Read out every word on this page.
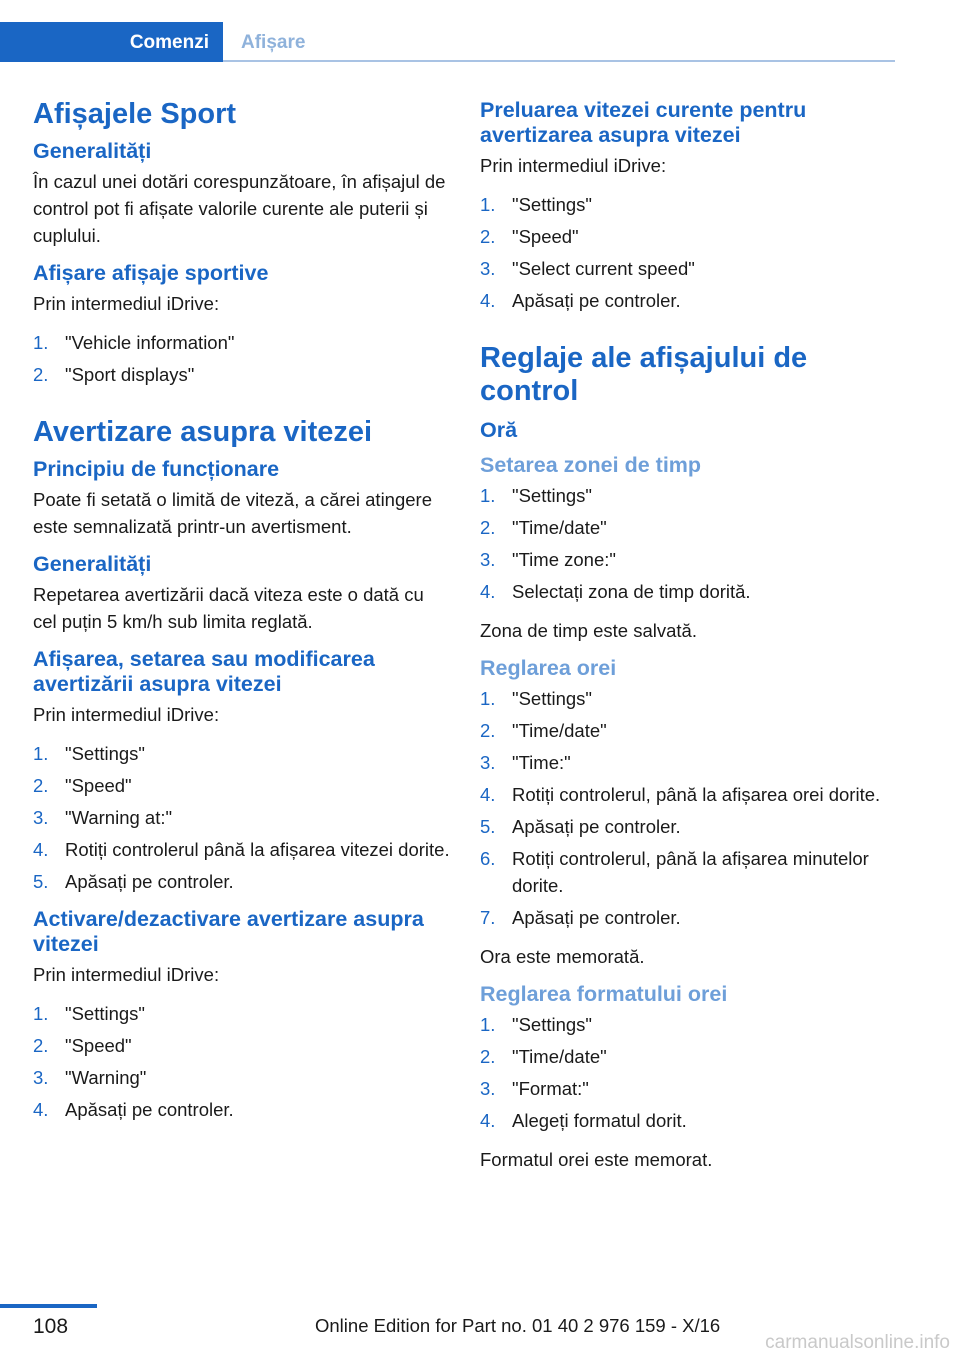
Comenzi	Afișare
Afișajele Sport
Generalități

În cazul unei dotări corespunzătoare, în afișajul de control pot fi afișate valorile curente ale puterii și cuplului.

Afișare afișaje sportive

Prin intermediul iDrive:

1. "Vehicle information"
2. "Sport displays"
Avertizare asupra vitezei
Principiu de funcționare

Poate fi setată o limită de viteză, a cărei atingere este semnalizată printr-un avertisment.

Generalități

Repetarea avertizării dacă viteza este o dată cu cel puțin 5 km/h sub limita reglată.

Afișarea, setarea sau modificarea avertizării asupra vitezei

Prin intermediul iDrive:

1. "Settings"
2. "Speed"
3. "Warning at:"
4. Rotiți controlerul până la afișarea vitezei dorite.
5. Apăsați pe controler.
Activare/dezactivare avertizare asupra vitezei

Prin intermediul iDrive:

1. "Settings"
2. "Speed"
3. "Warning"
4. Apăsați pe controler.
Preluarea vitezei curente pentru avertizarea asupra vitezei

Prin intermediul iDrive:

1. "Settings"
2. "Speed"
3. "Select current speed"
4. Apăsați pe controler.
Reglaje ale afișajului de control
Oră
Setarea zonei de timp
1. "Settings"
2. "Time/date"
3. "Time zone:"
4. Selectați zona de timp dorită.

Zona de timp este salvată.

Reglarea orei
1. "Settings"
2. "Time/date"
3. "Time:"
4. Rotiți controlerul, până la afișarea orei dorite.
5. Apăsați pe controler.
6. Rotiți controlerul, până la afișarea minutelor dorite.
7. Apăsați pe controler.

Ora este memorată.

Reglarea formatului orei
1. "Settings"
2. "Time/date"
3. "Format:"
4. Alegeți formatul dorit.

Formatul orei este memorat.

108	Online Edition for Part no. 01 40 2 976 159 - X/16
carmanualsonline.info
